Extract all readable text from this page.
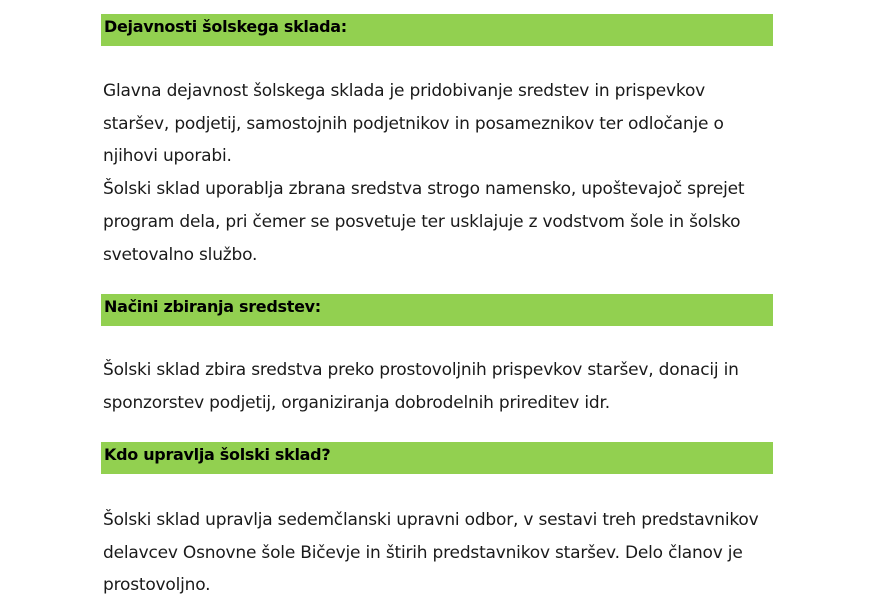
Dejavnosti šolskega sklada:
Glavna dejavnost šolskega sklada je pridobivanje sredstev in prispevkov
staršev, podjetij, samostojnih podjetnikov in posameznikov ter odločanje o
njihovi uporabi.
Šolski sklad uporablja zbrana sredstva strogo namensko, upoštevajoč sprejet
program dela, pri čemer se posvetuje ter usklajuje z vodstvom šole in šolsko
svetovalno službo.
Načini zbiranja sredstev:
Šolski sklad zbira sredstva preko prostovoljnih prispevkov staršev, donacij in
sponzorstev podjetij, organiziranja dobrodelnih prireditev idr.
Kdo upravlja šolski sklad?
Šolski sklad upravlja sedemčlanski upravni odbor, v sestavi treh predstavnikov
delavcev Osnovne šole Bičevje in štirih predstavnikov staršev. Delo članov je
prostovoljno.
